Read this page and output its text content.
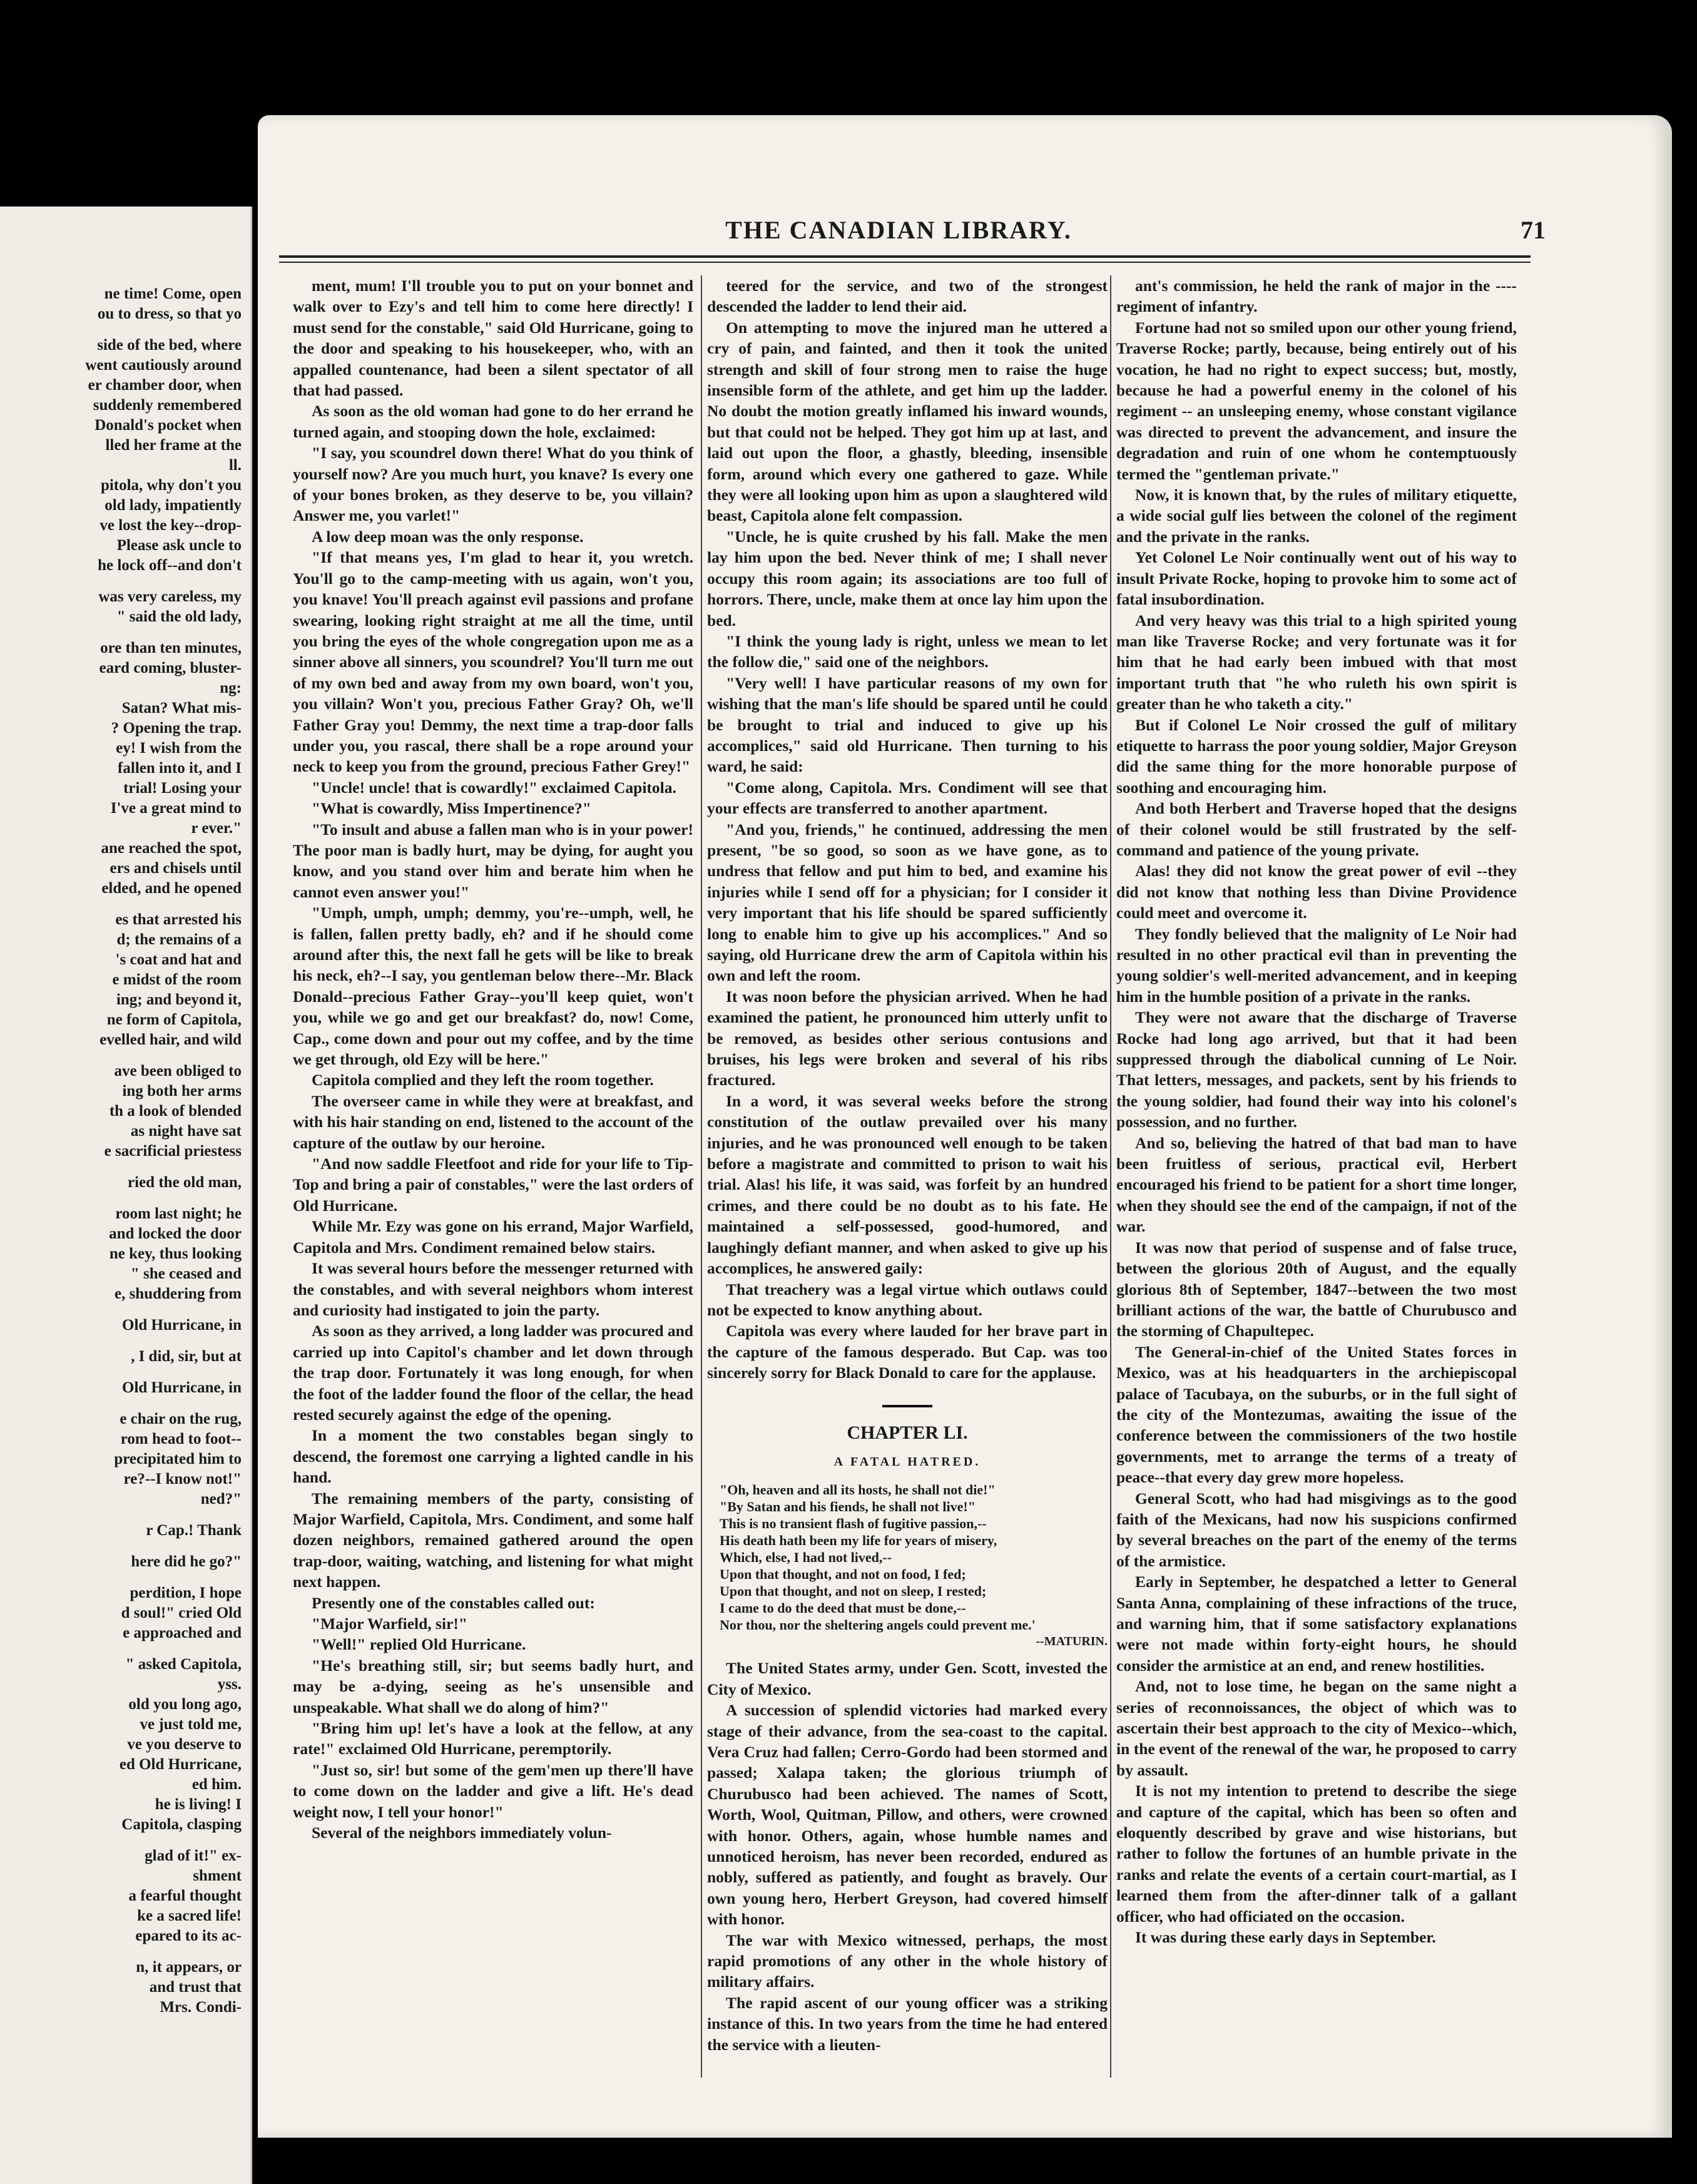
ne time! Come, open
ou to dress, so that yo
side of the bed, where
went cautiously around
er chamber door, when
suddenly remembered
Donald's pocket when
lled her frame at the
ll.
pitola, why don't you
old lady, impatiently
ve lost the key--drop-
Please ask uncle to
he lock off--and don't
was very careless, my
" said the old lady,
ore than ten minutes,
eard coming, bluster-
ng:
Satan? What mis-
? Opening the trap.
ey! I wish from the
fallen into it, and I
trial! Losing your
I've a great mind to
r ever."
ane reached the spot,
ers and chisels until
elded, and he opened
es that arrested his
d; the remains of a
's coat and hat and
e midst of the room
ing; and beyond it,
ne form of Capitola,
evelled hair, and wild
ave been obliged to
ing both her arms
th a look of blended
as night have sat
e sacrificial priestess
ried the old man,
room last night; he
and locked the door
ne key, thus looking
" she ceased and
e, shuddering from
Old Hurricane, in
, I did, sir, but at
Old Hurricane, in
e chair on the rug,
rom head to foot--
precipitated him to
re?--I know not!"
ned?"
r Cap.! Thank
here did he go?"
perdition, I hope
d soul!" cried Old
e approached and
" asked Capitola,
yss.
old you long ago,
ve just told me,
ve you deserve to
ed Old Hurricane,
ed him.
he is living! I
Capitola, clasping
glad of it!" ex-
shment
a fearful thought
ke a sacred life!
epared to its ac-
n, it appears, or
and trust that
Mrs. Condi-
THE CANADIAN LIBRARY.	71

ment, mum! I'll trouble you to put on your bonnet and walk over to Ezy's and tell him to come here directly! I must send for the constable," said Old Hurricane, going to the door and speaking to his housekeeper, who, with an appalled countenance, had been a silent spectator of all that had passed.

As soon as the old woman had gone to do her errand he turned again, and stooping down the hole, exclaimed:

"I say, you scoundrel down there! What do you think of yourself now? Are you much hurt, you knave? Is every one of your bones broken, as they deserve to be, you villain? Answer me, you varlet!"

A low deep moan was the only response.

"If that means yes, I'm glad to hear it, you wretch. You'll go to the camp-meeting with us again, won't you, you knave! You'll preach against evil passions and profane swearing, looking right straight at me all the time, until you bring the eyes of the whole congregation upon me as a sinner above all sinners, you scoundrel? You'll turn me out of my own bed and away from my own board, won't you, you villain? Won't you, precious Father Gray? Oh, we'll Father Gray you! Demmy, the next time a trap-door falls under you, you rascal, there shall be a rope around your neck to keep you from the ground, precious Father Grey!"

"Uncle! uncle! that is cowardly!" exclaimed Capitola.

"What is cowardly, Miss Impertinence?"

"To insult and abuse a fallen man who is in your power! The poor man is badly hurt, may be dying, for aught you know, and you stand over him and berate him when he cannot even answer you!"

"Umph, umph, umph; demmy, you're--umph, well, he is fallen, fallen pretty badly, eh? and if he should come around after this, the next fall he gets will be like to break his neck, eh?--I say, you gentleman below there--Mr. Black Donald--precious Father Gray--you'll keep quiet, won't you, while we go and get our breakfast? do, now! Come, Cap., come down and pour out my coffee, and by the time we get through, old Ezy will be here."

Capitola complied and they left the room together.

The overseer came in while they were at breakfast, and with his hair standing on end, listened to the account of the capture of the outlaw by our heroine.

"And now saddle Fleetfoot and ride for your life to Tip-Top and bring a pair of constables," were the last orders of Old Hurricane.

While Mr. Ezy was gone on his errand, Major Warfield, Capitola and Mrs. Condiment remained below stairs.

It was several hours before the messenger returned with the constables, and with several neighbors whom interest and curiosity had instigated to join the party.

As soon as they arrived, a long ladder was procured and carried up into Capitol's chamber and let down through the trap door. Fortunately it was long enough, for when the foot of the ladder found the floor of the cellar, the head rested securely against the edge of the opening.

In a moment the two constables began singly to descend, the foremost one carrying a lighted candle in his hand.

The remaining members of the party, consisting of Major Warfield, Capitola, Mrs. Condiment, and some half dozen neighbors, remained gathered around the open trap-door, waiting, watching, and listening for what might next happen.

Presently one of the constables called out:

"Major Warfield, sir!"

"Well!" replied Old Hurricane.

"He's breathing still, sir; but seems badly hurt, and may be a-dying, seeing as he's unsensible and unspeakable. What shall we do along of him?"

"Bring him up! let's have a look at the fellow, at any rate!" exclaimed Old Hurricane, peremptorily.

"Just so, sir! but some of the gem'men up there'll have to come down on the ladder and give a lift. He's dead weight now, I tell your honor!"

Several of the neighbors immediately volun-

teered for the service, and two of the strongest descended the ladder to lend their aid.

On attempting to move the injured man he uttered a cry of pain, and fainted, and then it took the united strength and skill of four strong men to raise the huge insensible form of the athlete, and get him up the ladder. No doubt the motion greatly inflamed his inward wounds, but that could not be helped. They got him up at last, and laid out upon the floor, a ghastly, bleeding, insensible form, around which every one gathered to gaze. While they were all looking upon him as upon a slaughtered wild beast, Capitola alone felt compassion.

"Uncle, he is quite crushed by his fall. Make the men lay him upon the bed. Never think of me; I shall never occupy this room again; its associations are too full of horrors. There, uncle, make them at once lay him upon the bed.

"I think the young lady is right, unless we mean to let the follow die," said one of the neighbors.

"Very well! I have particular reasons of my own for wishing that the man's life should be spared until he could be brought to trial and induced to give up his accomplices," said old Hurricane. Then turning to his ward, he said:

"Come along, Capitola. Mrs. Condiment will see that your effects are transferred to another apartment.

"And you, friends," he continued, addressing the men present, "be so good, so soon as we have gone, as to undress that fellow and put him to bed, and examine his injuries while I send off for a physician; for I consider it very important that his life should be spared sufficiently long to enable him to give up his accomplices." And so saying, old Hurricane drew the arm of Capitola within his own and left the room.

It was noon before the physician arrived. When he had examined the patient, he pronounced him utterly unfit to be removed, as besides other serious contusions and bruises, his legs were broken and several of his ribs fractured.

In a word, it was several weeks before the strong constitution of the outlaw prevailed over his many injuries, and he was pronounced well enough to be taken before a magistrate and committed to prison to wait his trial. Alas! his life, it was said, was forfeit by an hundred crimes, and there could be no doubt as to his fate. He maintained a self-possessed, good-humored, and laughingly defiant manner, and when asked to give up his accomplices, he answered gaily:

That treachery was a legal virtue which outlaws could not be expected to know anything about.

Capitola was every where lauded for her brave part in the capture of the famous desperado. But Cap. was too sincerely sorry for Black Donald to care for the applause.

CHAPTER LI.
A FATAL HATRED.
"Oh, heaven and all its hosts, he shall not die!"
"By Satan and his fiends, he shall not live!"
This is no transient flash of fugitive passion,--
His death hath been my life for years of misery,
Which, else, I had not lived,--
Upon that thought, and not on food, I fed;
Upon that thought, and not on sleep, I rested;
I came to do the deed that must be done,--
Nor thou, nor the sheltering angels could prevent me.'
--MATURIN.

The United States army, under Gen. Scott, invested the City of Mexico.

A succession of splendid victories had marked every stage of their advance, from the sea-coast to the capital. Vera Cruz had fallen; Cerro-Gordo had been stormed and passed; Xalapa taken; the glorious triumph of Churubusco had been achieved. The names of Scott, Worth, Wool, Quitman, Pillow, and others, were crowned with honor. Others, again, whose humble names and unnoticed heroism, has never been recorded, endured as nobly, suffered as patiently, and fought as bravely. Our own young hero, Herbert Greyson, had covered himself with honor.

The war with Mexico witnessed, perhaps, the most rapid promotions of any other in the whole history of military affairs.

The rapid ascent of our young officer was a striking instance of this. In two years from the time he had entered the service with a lieuten-

ant's commission, he held the rank of major in the ----regiment of infantry.

Fortune had not so smiled upon our other young friend, Traverse Rocke; partly, because, being entirely out of his vocation, he had no right to expect success; but, mostly, because he had a powerful enemy in the colonel of his regiment -- an unsleeping enemy, whose constant vigilance was directed to prevent the advancement, and insure the degradation and ruin of one whom he contemptuously termed the "gentleman private."

Now, it is known that, by the rules of military etiquette, a wide social gulf lies between the colonel of the regiment and the private in the ranks.

Yet Colonel Le Noir continually went out of his way to insult Private Rocke, hoping to provoke him to some act of fatal insubordination.

And very heavy was this trial to a high spirited young man like Traverse Rocke; and very fortunate was it for him that he had early been imbued with that most important truth that "he who ruleth his own spirit is greater than he who taketh a city."

But if Colonel Le Noir crossed the gulf of military etiquette to harrass the poor young soldier, Major Greyson did the same thing for the more honorable purpose of soothing and encouraging him.

And both Herbert and Traverse hoped that the designs of their colonel would be still frustrated by the self-command and patience of the young private.

Alas! they did not know the great power of evil --they did not know that nothing less than Divine Providence could meet and overcome it.

They fondly believed that the malignity of Le Noir had resulted in no other practical evil than in preventing the young soldier's well-merited advancement, and in keeping him in the humble position of a private in the ranks.

They were not aware that the discharge of Traverse Rocke had long ago arrived, but that it had been suppressed through the diabolical cunning of Le Noir. That letters, messages, and packets, sent by his friends to the young soldier, had found their way into his colonel's possession, and no further.

And so, believing the hatred of that bad man to have been fruitless of serious, practical evil, Herbert encouraged his friend to be patient for a short time longer, when they should see the end of the campaign, if not of the war.

It was now that period of suspense and of false truce, between the glorious 20th of August, and the equally glorious 8th of September, 1847--between the two most brilliant actions of the war, the battle of Churubusco and the storming of Chapultepec.

The General-in-chief of the United States forces in Mexico, was at his headquarters in the archiepiscopal palace of Tacubaya, on the suburbs, or in the full sight of the city of the Montezumas, awaiting the issue of the conference between the commissioners of the two hostile governments, met to arrange the terms of a treaty of peace--that every day grew more hopeless.

General Scott, who had had misgivings as to the good faith of the Mexicans, had now his suspicions confirmed by several breaches on the part of the enemy of the terms of the armistice.

Early in September, he despatched a letter to General Santa Anna, complaining of these infractions of the truce, and warning him, that if some satisfactory explanations were not made within forty-eight hours, he should consider the armistice at an end, and renew hostilities.

And, not to lose time, he began on the same night a series of reconnoissances, the object of which was to ascertain their best approach to the city of Mexico--which, in the event of the renewal of the war, he proposed to carry by assault.

It is not my intention to pretend to describe the siege and capture of the capital, which has been so often and eloquently described by grave and wise historians, but rather to follow the fortunes of an humble private in the ranks and relate the events of a certain court-martial, as I learned them from the after-dinner talk of a gallant officer, who had officiated on the occasion.

It was during these early days in September.
